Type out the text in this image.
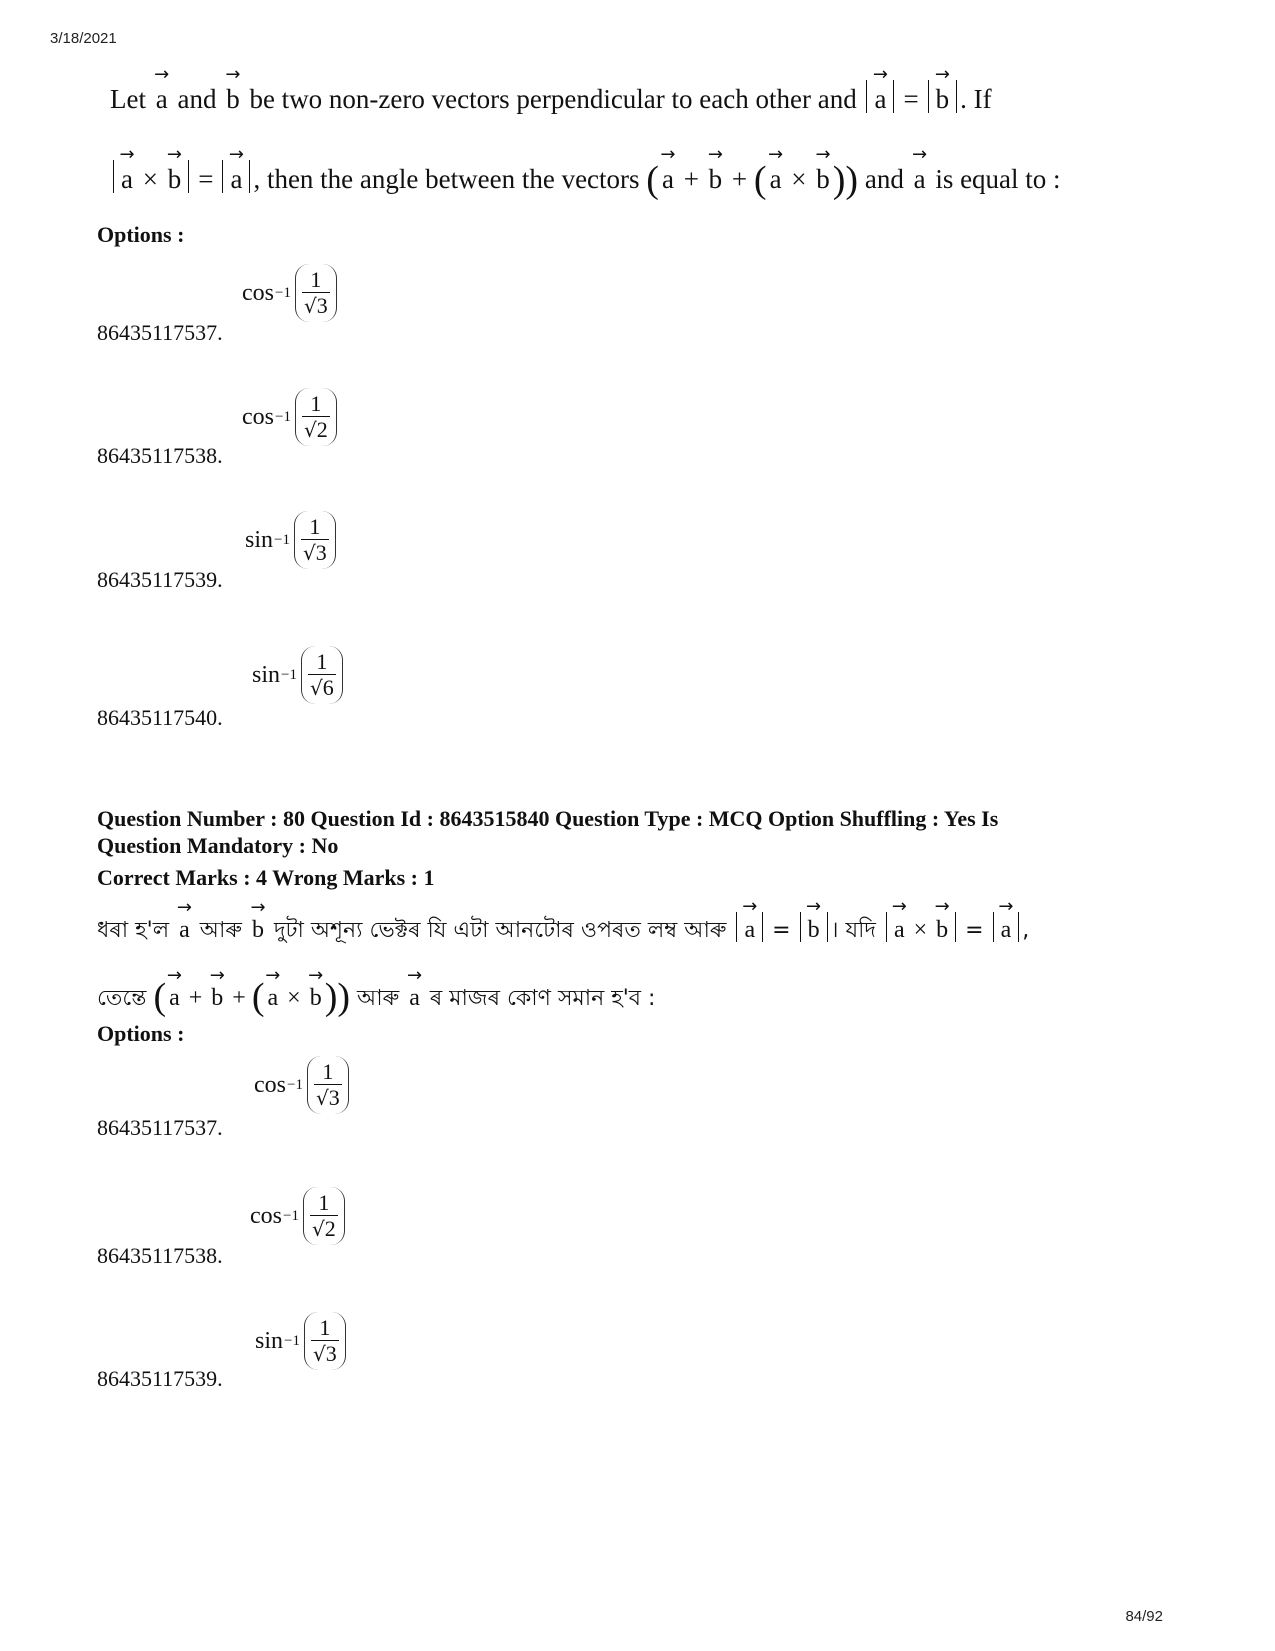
3/18/2021
Let → a and → b be two non-zero vectors perpendicular to each other and → a = → b . If
→ a × → b = → a , then the angle between the vectors ( → a + → b + ( → a × → b)) and → a is equal to :
Options :
86435117537.
$\cos -1 \frac{1}{√3}$
86435117538.
$\cos -1 \frac{1}{√2}$
86435117539.
$\sin -1 \frac{1}{√3}$
86435117540.
$\sin -1 \frac{1}{√6}$
Question Number : 80 Question Id : 8643515840 Question Type : MCQ Option Shuffling : Yes Is
Question Mandatory : No
Correct Marks : 4 Wrong Marks : 1
ধৰা হ'ল → a আৰু → b দুটা অশূন্য ভেক্টৰ যি এটা আনটোৰ ওপৰত লম্ব আৰু → a = → b । যদি → a × → b = → a ,
তেন্তে ( → a + → b + ( → a × → b)) আৰু → a ৰ মাজৰ কোণ সমান হ'ব :
Options :
86435117537.
$\cos -1 \frac{1}{√3}$
86435117538.
$\cos -1 \frac{1}{√2}$
86435117539.
$\sin -1 \frac{1}{√3}$
84/92
